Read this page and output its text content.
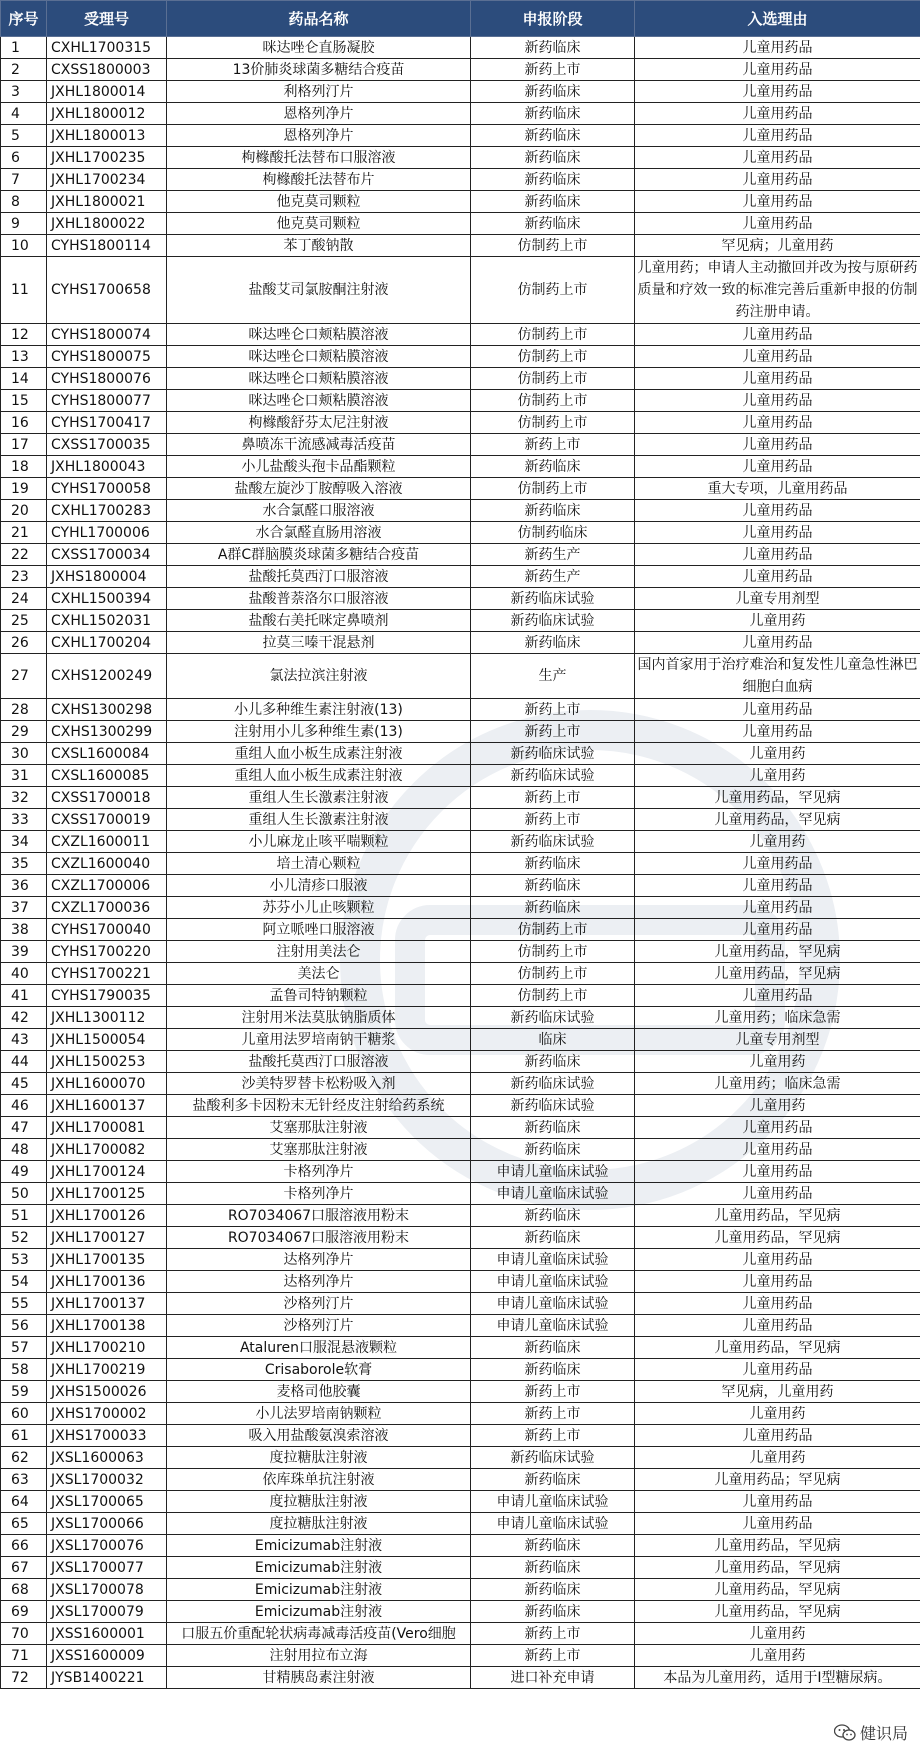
序号	受理号	药品名称	申报阶段	入选理由
1	CXHL1700315	咪达唑仑直肠凝胶	新药临床	儿童用药品
2	CXSS1800003	13价肺炎球菌多糖结合疫苗	新药上市	儿童用药品
3	JXHL1800014	利格列汀片	新药临床	儿童用药品
4	JXHL1800012	恩格列净片	新药临床	儿童用药品
5	JXHL1800013	恩格列净片	新药临床	儿童用药品
6	JXHL1700235	枸橼酸托法替布口服溶液	新药临床	儿童用药品
7	JXHL1700234	枸橼酸托法替布片	新药临床	儿童用药品
8	JXHL1800021	他克莫司颗粒	新药临床	儿童用药品
9	JXHL1800022	他克莫司颗粒	新药临床	儿童用药品
10	CYHS1800114	苯丁酸钠散	仿制药上市	罕见病；儿童用药
11	CYHS1700658	盐酸艾司氯胺酮注射液	仿制药上市	儿童用药；申请人主动撤回并改为按与原研药质量和疗效一致的标准完善后重新申报的仿制药注册申请。
12	CYHS1800074	咪达唑仑口颊粘膜溶液	仿制药上市	儿童用药品
13	CYHS1800075	咪达唑仑口颊粘膜溶液	仿制药上市	儿童用药品
14	CYHS1800076	咪达唑仑口颊粘膜溶液	仿制药上市	儿童用药品
15	CYHS1800077	咪达唑仑口颊粘膜溶液	仿制药上市	儿童用药品
16	CYHS1700417	枸橼酸舒芬太尼注射液	仿制药上市	儿童用药品
17	CXSS1700035	鼻喷冻干流感减毒活疫苗	新药上市	儿童用药品
18	JXHL1800043	小儿盐酸头孢卡品酯颗粒	新药临床	儿童用药品
19	CYHS1700058	盐酸左旋沙丁胺醇吸入溶液	仿制药上市	重大专项，儿童用药品
20	CXHL1700283	水合氯醛口服溶液	新药临床	儿童用药品
21	CYHL1700006	水合氯醛直肠用溶液	仿制药临床	儿童用药品
22	CXSS1700034	A群C群脑膜炎球菌多糖结合疫苗	新药生产	儿童用药品
23	JXHS1800004	盐酸托莫西汀口服溶液	新药生产	儿童用药品
24	CXHL1500394	盐酸普萘洛尔口服溶液	新药临床试验	儿童专用剂型
25	CXHL1502031	盐酸右美托咪定鼻喷剂	新药临床试验	儿童用药
26	CXHL1700204	拉莫三嗪干混悬剂	新药临床	儿童用药品
27	CXHS1200249	氯法拉滨注射液	生产	国内首家用于治疗难治和复发性儿童急性淋巴细胞白血病
28	CXHS1300298	小儿多种维生素注射液(13)	新药上市	儿童用药品
29	CXHS1300299	注射用小儿多种维生素(13)	新药上市	儿童用药品
30	CXSL1600084	重组人血小板生成素注射液	新药临床试验	儿童用药
31	CXSL1600085	重组人血小板生成素注射液	新药临床试验	儿童用药
32	CXSS1700018	重组人生长激素注射液	新药上市	儿童用药品，罕见病
33	CXSS1700019	重组人生长激素注射液	新药上市	儿童用药品，罕见病
34	CXZL1600011	小儿麻龙止咳平喘颗粒	新药临床试验	儿童用药
35	CXZL1600040	培土清心颗粒	新药临床	儿童用药品
36	CXZL1700006	小儿清疹口服液	新药临床	儿童用药品
37	CXZL1700036	苏芬小儿止咳颗粒	新药临床	儿童用药品
38	CYHS1700040	阿立哌唑口服溶液	仿制药上市	儿童用药品
39	CYHS1700220	注射用美法仑	仿制药上市	儿童用药品，罕见病
40	CYHS1700221	美法仑	仿制药上市	儿童用药品，罕见病
41	CYHS1790035	孟鲁司特钠颗粒	仿制药上市	儿童用药品
42	JXHL1300112	注射用米法莫肽钠脂质体	新药临床试验	儿童用药；临床急需
43	JXHL1500054	儿童用法罗培南钠干糖浆	临床	儿童专用剂型
44	JXHL1500253	盐酸托莫西汀口服溶液	新药临床	儿童用药
45	JXHL1600070	沙美特罗替卡松粉吸入剂	新药临床试验	儿童用药；临床急需
46	JXHL1600137	盐酸利多卡因粉末无针经皮注射给药系统	新药临床试验	儿童用药
47	JXHL1700081	艾塞那肽注射液	新药临床	儿童用药品
48	JXHL1700082	艾塞那肽注射液	新药临床	儿童用药品
49	JXHL1700124	卡格列净片	申请儿童临床试验	儿童用药品
50	JXHL1700125	卡格列净片	申请儿童临床试验	儿童用药品
51	JXHL1700126	RO7034067口服溶液用粉末	新药临床	儿童用药品，罕见病
52	JXHL1700127	RO7034067口服溶液用粉末	新药临床	儿童用药品，罕见病
53	JXHL1700135	达格列净片	申请儿童临床试验	儿童用药品
54	JXHL1700136	达格列净片	申请儿童临床试验	儿童用药品
55	JXHL1700137	沙格列汀片	申请儿童临床试验	儿童用药品
56	JXHL1700138	沙格列汀片	申请儿童临床试验	儿童用药品
57	JXHL1700210	Ataluren口服混悬液颗粒	新药临床	儿童用药品，罕见病
58	JXHL1700219	Crisaborole软膏	新药临床	儿童用药品
59	JXHS1500026	麦格司他胶囊	新药上市	罕见病，儿童用药
60	JXHS1700002	小儿法罗培南钠颗粒	新药上市	儿童用药
61	JXHS1700033	吸入用盐酸氨溴索溶液	新药上市	儿童用药品
62	JXSL1600063	度拉糖肽注射液	新药临床试验	儿童用药
63	JXSL1700032	依库珠单抗注射液	新药临床	儿童用药品；罕见病
64	JXSL1700065	度拉糖肽注射液	申请儿童临床试验	儿童用药品
65	JXSL1700066	度拉糖肽注射液	申请儿童临床试验	儿童用药品
66	JXSL1700076	Emicizumab注射液	新药临床	儿童用药品，罕见病
67	JXSL1700077	Emicizumab注射液	新药临床	儿童用药品，罕见病
68	JXSL1700078	Emicizumab注射液	新药临床	儿童用药品，罕见病
69	JXSL1700079	Emicizumab注射液	新药临床	儿童用药品，罕见病
70	JXSS1600001	口服五价重配轮状病毒减毒活疫苗(Vero细胞	新药上市	儿童用药
71	JXSS1600009	注射用拉布立海	新药上市	儿童用药
72	JYSB1400221	甘精胰岛素注射液	进口补充申请	本品为儿童用药，适用于I型糖尿病。
健识局
